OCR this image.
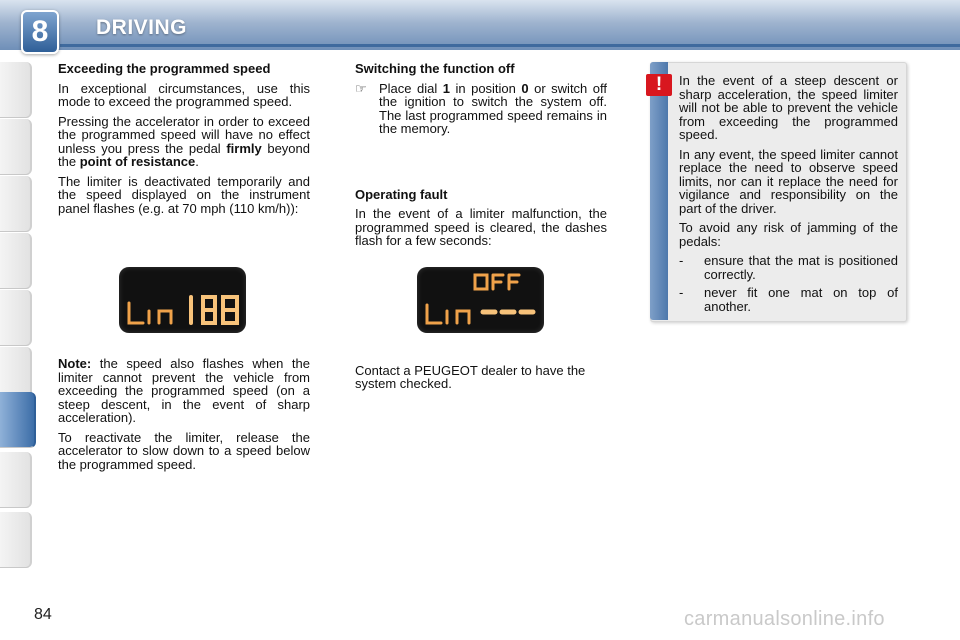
8	DRIVING

Exceeding the programmed speed

In exceptional circumstances, use this mode to exceed the programmed speed.

Pressing the accelerator in order to exceed the programmed speed will have no effect unless you press the pedal firmly beyond the point of resistance.

The limiter is deactivated temporarily and the speed displayed on the instrument panel flashes (e.g. at 70 mph (110 km/h)):

Note: the speed also flashes when the limiter cannot prevent the vehicle from exceeding the programmed speed (on a steep descent, in the event of sharp acceleration).

To reactivate the limiter, release the accelerator to slow down to a speed below the programmed speed.

Switching the function off

☞ Place dial 1 in position 0 or switch off the ignition to switch the system off. The last programmed speed remains in the memory.

Operating fault

In the event of a limiter malfunction, the programmed speed is cleared, the dashes flash for a few seconds:

Contact a PEUGEOT dealer to have the system checked.

!	In the event of a steep descent or sharp acceleration, the speed limiter will not be able to prevent the vehicle from exceeding the programmed speed.

In any event, the speed limiter cannot replace the need to observe speed limits, nor can it replace the need for vigilance and responsibility on the part of the driver.

To avoid any risk of jamming of the pedals:

-	ensure that the mat is positioned correctly.
-	never fit one mat on top of another.
84	carmanualsonline.info
